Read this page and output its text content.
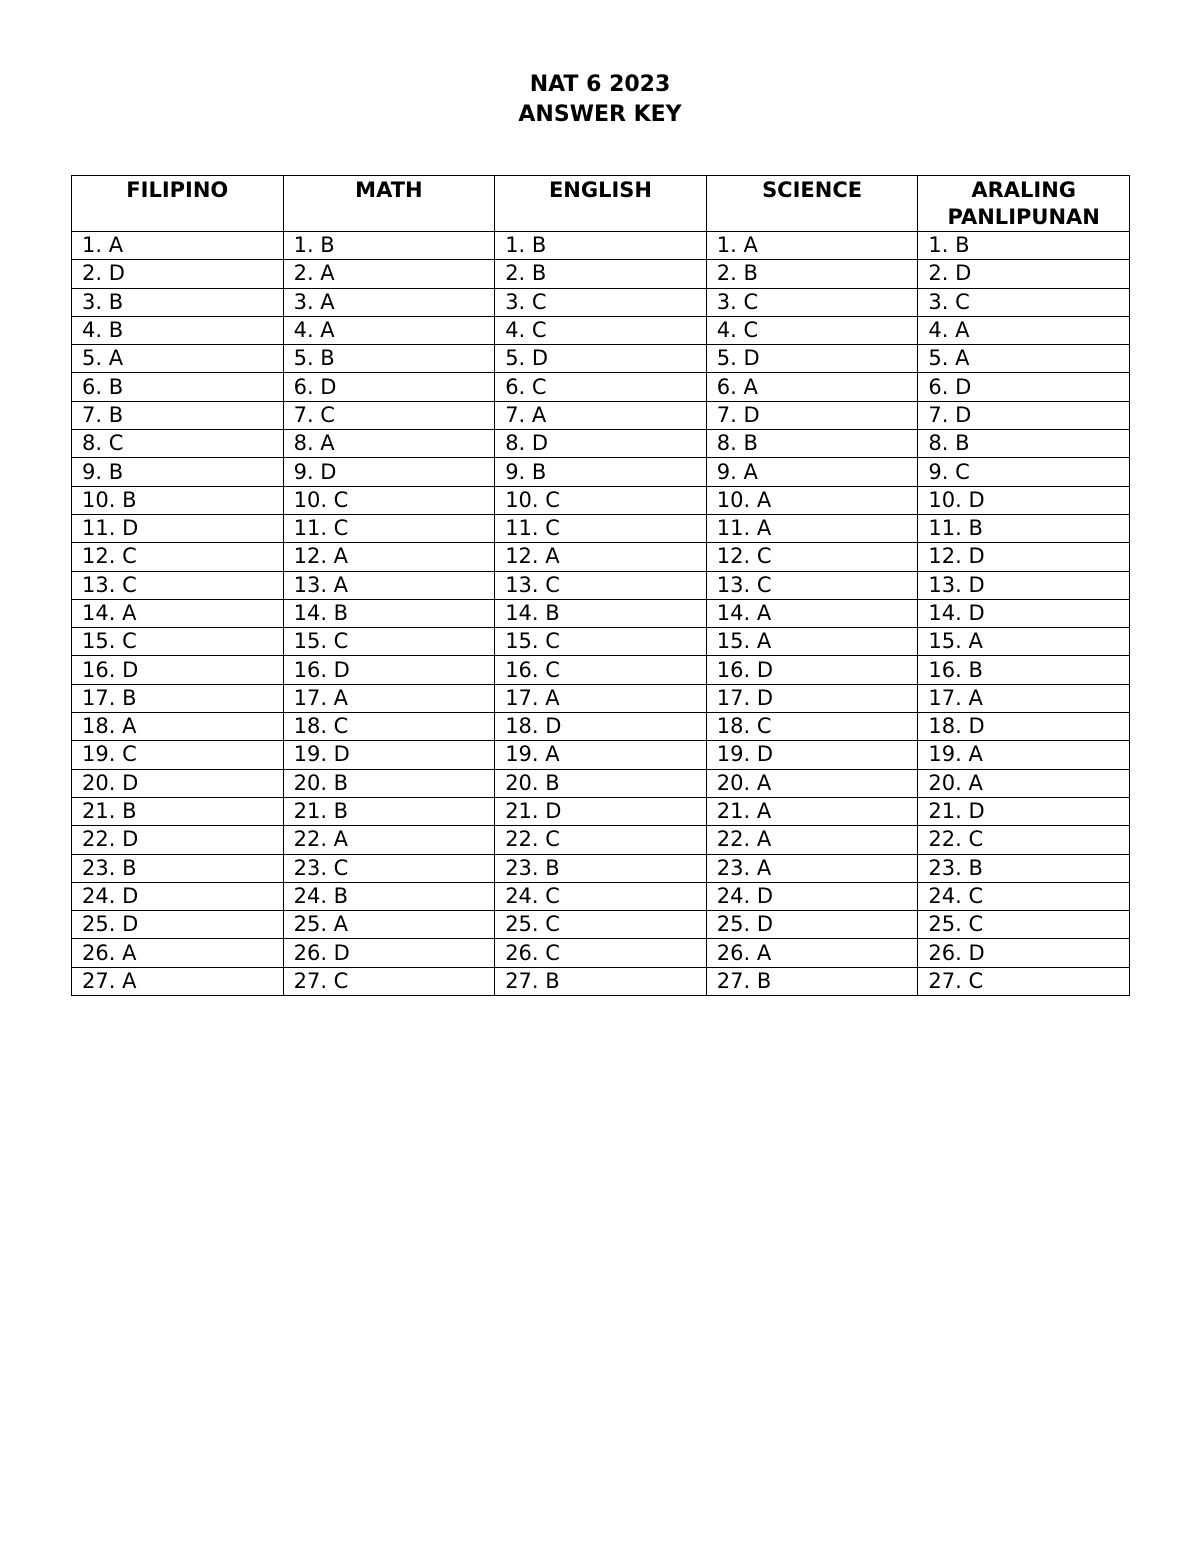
NAT 6 2023
ANSWER KEY
FILIPINO	MATH	ENGLISH	SCIENCE	ARALING PANLIPUNAN
1. A	1. B	1. B	1. A	1. B
2. D	2. A	2. B	2. B	2. D
3. B	3. A	3. C	3. C	3. C
4. B	4. A	4. C	4. C	4. A
5. A	5. B	5. D	5. D	5. A
6. B	6. D	6. C	6. A	6. D
7. B	7. C	7. A	7. D	7. D
8. C	8. A	8. D	8. B	8. B
9. B	9. D	9. B	9. A	9. C
10. B	10. C	10. C	10. A	10. D
11. D	11. C	11. C	11. A	11. B
12. C	12. A	12. A	12. C	12. D
13. C	13. A	13. C	13. C	13. D
14. A	14. B	14. B	14. A	14. D
15. C	15. C	15. C	15. A	15. A
16. D	16. D	16. C	16. D	16. B
17. B	17. A	17. A	17. D	17. A
18. A	18. C	18. D	18. C	18. D
19. C	19. D	19. A	19. D	19. A
20. D	20. B	20. B	20. A	20. A
21. B	21. B	21. D	21. A	21. D
22. D	22. A	22. C	22. A	22. C
23. B	23. C	23. B	23. A	23. B
24. D	24. B	24. C	24. D	24. C
25. D	25. A	25. C	25. D	25. C
26. A	26. D	26. C	26. A	26. D
27. A	27. C	27. B	27. B	27. C
